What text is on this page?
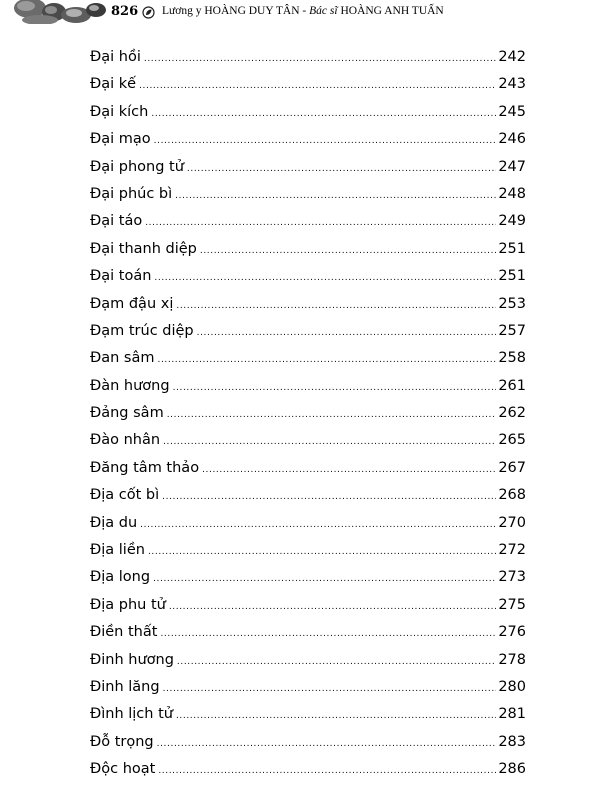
826 Lương y HOÀNG DUY TÂN - Bác sĩ HOÀNG ANH TUẤN
Đại hồi .....	242
Đại kế .....	243
Đại kích .....	245
Đại mạo .....	246
Đại phong tử .....	247
Đại phúc bì .....	248
Đại táo .....	249
Đại thanh diệp .....	251
Đại toán .....	251
Đạm đậu xị .....	253
Đạm trúc diệp .....	257
Đan sâm .....	258
Đàn hương .....	261
Đảng sâm .....	262
Đào nhân .....	265
Đăng tâm thảo .....	267
Địa cốt bì .....	268
Địa du .....	270
Địa liền .....	272
Địa long .....	273
Địa phu tử .....	275
Điền thất .....	276
Đinh hương .....	278
Đinh lăng .....	280
Đình lịch tử .....	281
Đỗ trọng .....	283
Độc hoạt .....	286
